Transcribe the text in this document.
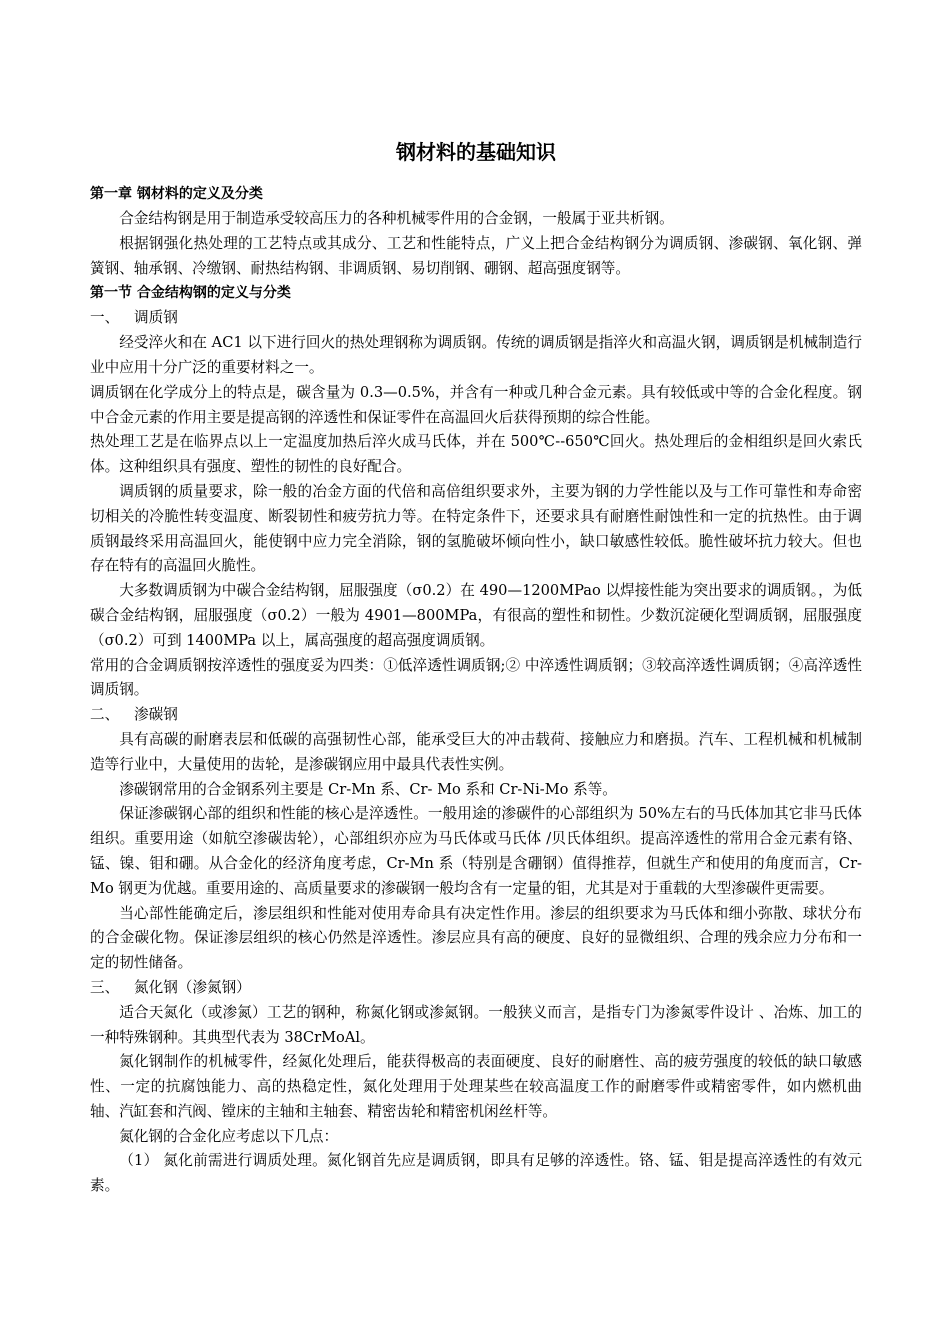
钢材料的基础知识
第一章 钢材料的定义及分类

合金结构钢是用于制造承受较高压力的各种机械零件用的合金钢，一般属于亚共析钢。

根据钢强化热处理的工艺特点或其成分、工艺和性能特点，广义上把合金结构钢分为调质钢、渗碳钢、氧化钢、弹簧钢、轴承钢、冷缴钢、耐热结构钢、非调质钢、易切削钢、硼钢、超高强度钢等。

第一节 合金结构钢的定义与分类
一、 调质钢

经受淬火和在 AC1 以下进行回火的热处理钢称为调质钢。传统的调质钢是指淬火和高温火钢，调质钢是机械制造行业中应用十分广泛的重要材料之一。

调质钢在化学成分上的特点是，碳含量为 0.3—0.5%，并含有一种或几种合金元素。具有较低或中等的合金化程度。钢中合金元素的作用主要是提高钢的淬透性和保证零件在高温回火后获得预期的综合性能。

热处理工艺是在临界点以上一定温度加热后淬火成马氏体，并在 500℃--650℃回火。热处理后的金相组织是回火索氏体。这种组织具有强度、塑性的韧性的良好配合。

调质钢的质量要求，除一般的冶金方面的代倍和高倍组织要求外，主要为钢的力学性能以及与工作可靠性和寿命密切相关的冷脆性转变温度、断裂韧性和疲劳抗力等。在特定条件下，还要求具有耐磨性耐蚀性和一定的抗热性。由于调质钢最终采用高温回火，能使钢中应力完全消除，钢的氢脆破坏倾向性小，缺口敏感性较低。脆性破坏抗力较大。但也存在特有的高温回火脆性。

大多数调质钢为中碳合金结构钢，屈服强度（σ0.2）在 490—1200MPao 以焊接性能为突出要求的调质钢。，为低碳合金结构钢，屈服强度（σ0.2）一般为 4901—800MPa，有很高的塑性和韧性。少数沉淀硬化型调质钢，屈服强度（σ0.2）可到 1400MPa 以上，属高强度的超高强度调质钢。

常用的合金调质钢按淬透性的强度妥为四类：①低淬透性调质钢;② 中淬透性调质钢；③较高淬透性调质钢；④高淬透性调质钢。

二、 渗碳钢

具有高碳的耐磨表层和低碳的高强韧性心部，能承受巨大的冲击载荷、接触应力和磨损。汽车、工程机械和机械制造等行业中，大量使用的齿轮，是渗碳钢应用中最具代表性实例。

渗碳钢常用的合金钢系列主要是 Cr-Mn 系、Cr- Mo 系和 Cr-Ni-Mo 系等。

保证渗碳钢心部的组织和性能的核心是淬透性。一般用途的渗碳件的心部组织为 50%左右的马氏体加其它非马氏体组织。重要用途（如航空渗碳齿轮），心部组织亦应为马氏体或马氏体 /贝氏体组织。提高淬透性的常用合金元素有铬、锰、镍、钼和硼。从合金化的经济角度考虑，Cr-Mn 系（特别是含硼钢）值得推荐，但就生产和使用的角度而言，Cr- Mo 钢更为优越。重要用途的、高质量要求的渗碳钢一般均含有一定量的钼，尤其是对于重载的大型渗碳件更需要。

当心部性能确定后，渗层组织和性能对使用寿命具有决定性作用。渗层的组织要求为马氏体和细小弥散、球状分布的合金碳化物。保证渗层组织的核心仍然是淬透性。渗层应具有高的硬度、良好的显微组织、合理的残余应力分布和一定的韧性储备。

三、 氮化钢（渗氮钢）

适合天氮化（或渗氮）工艺的钢种，称氮化钢或渗氮钢。一般狭义而言，是指专门为渗氮零件设计 、冶炼、加工的一种特殊钢种。其典型代表为 38CrMoAl。

氮化钢制作的机械零件，经氮化处理后，能获得极高的表面硬度、良好的耐磨性、高的疲劳强度的较低的缺口敏感性、一定的抗腐蚀能力、高的热稳定性，氮化处理用于处理某些在较高温度工作的耐磨零件或精密零件，如内燃机曲轴、汽缸套和汽阀、镗床的主轴和主轴套、精密齿轮和精密机闲丝杆等。

氮化钢的合金化应考虑以下几点：

（1） 氮化前需进行调质处理。氮化钢首先应是调质钢，即具有足够的淬透性。铬、锰、钼是提高淬透性的有效元素。
